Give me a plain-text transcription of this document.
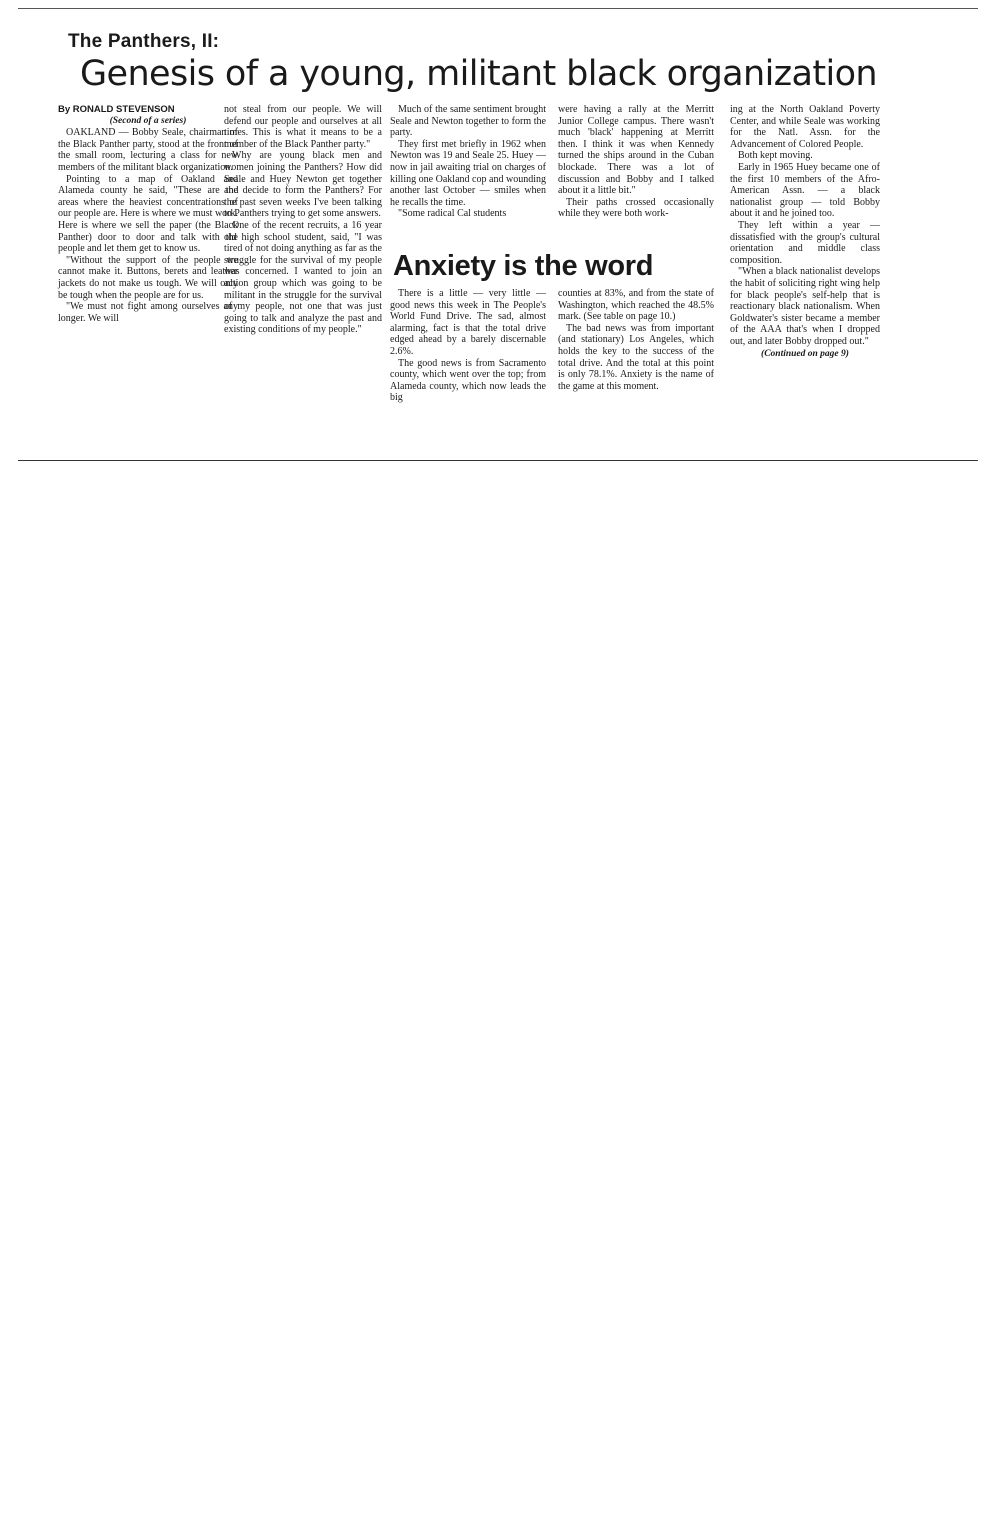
The Panthers, II:
Genesis of a young, militant black organization
By RONALD STEVENSON
(Second of a series)

OAKLAND — Bobby Seale, chairman of the Black Panther party, stood at the front of the small room, lecturing a class for new members of the militant black organization.

Pointing to a map of Oakland and Alameda county he said, "These are the areas where the heaviest concentrations of our people are. Here is where we must work. Here is where we sell the paper (the Black Panther) door to door and talk with the people and let them get to know us.

"Without the support of the people we cannot make it. Buttons, berets and leather jackets do not make us tough. We will only be tough when the people are for us.

"We must not fight among ourselves any longer. We will

not steal from our people. We will defend our people and ourselves at all times. This is what it means to be a member of the Black Panther party."

Why are young black men and women joining the Panthers? How did Seale and Huey Newton get together and decide to form the Panthers? For the past seven weeks I've been talking to Panthers trying to get some answers.

One of the recent recruits, a 16 year old high school student, said, "I was tired of not doing anything as far as the struggle for the survival of my people was concerned. I wanted to join an action group which was going to be militant in the struggle for the survival of my people, not one that was just going to talk and analyze the past and existing conditions of my people."

Much of the same sentiment brought Seale and Newton together to form the party.

They first met briefly in 1962 when Newton was 19 and Seale 25. Huey — now in jail awaiting trial on charges of killing one Oakland cop and wounding another last October — smiles when he recalls the time.

"Some radical Cal students

were having a rally at the Merritt Junior College campus. There wasn't much 'black' happening at Merritt then. I think it was when Kennedy turned the ships around in the Cuban blockade. There was a lot of discussion and Bobby and I talked about it a little bit."

Their paths crossed occasionally while they were both work-

ing at the North Oakland Poverty Center, and while Seale was working for the Natl. Assn. for the Advancement of Colored People.

Both kept moving.

Early in 1965 Huey became one of the first 10 members of the Afro-American Assn. — a black nationalist group — told Bobby about it and he joined too.

They left within a year — dissatisfied with the group's cultural orientation and middle class composition.

"When a black nationalist develops the habit of soliciting right wing help for black people's self-help that is reactionary black nationalism. When Goldwater's sister became a member of the AAA that's when I dropped out, and later Bobby dropped out."

(Continued on page 9)
Anxiety is the word

There is a little — very little — good news this week in The People's World Fund Drive. The sad, almost alarming, fact is that the total drive edged ahead by a barely discernable 2.6%.

The good news is from Sacramento county, which went over the top; from Alameda county, which now leads the big

counties at 83%, and from the state of Washington, which reached the 48.5% mark. (See table on page 10.)

The bad news was from important (and stationary) Los Angeles, which holds the key to the success of the total drive. And the total at this point is only 78.1%. Anxiety is the name of the game at this moment.
